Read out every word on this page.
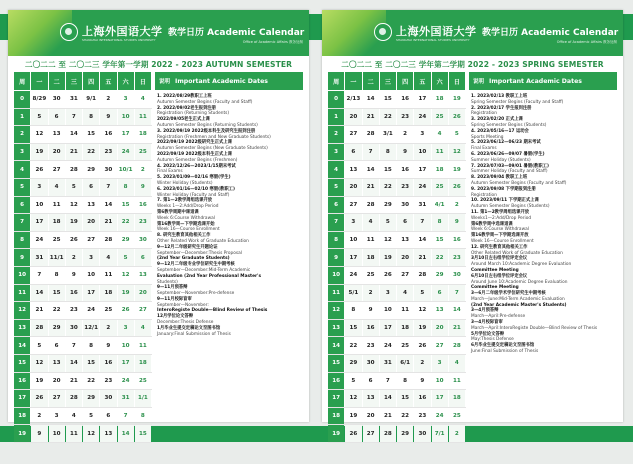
上海外国语大学
SHANGHAI INTERNATIONAL STUDIES UNIVERSITY
教学日历 Academic Calendar
Office of Academic Affairs 教务处制
二〇二二 至 二〇二三 学年第一学期 2022 - 2023 AUTUMN SEMESTER
周	一	二	三	四	五	六	日
0	8/29	30	31	9/1	2	3	4
1	5	6	7	8	9	10	11
2	12	13	14	15	16	17	18
3	19	20	21	22	23	24	25
4	26	27	28	29	30	10/1	2
5	3	4	5	6	7	8	9
6	10	11	12	13	14	15	16
7	17	18	19	20	21	22	23
8	24	25	26	27	28	29	30
9	31	11/1	2	3	4	5	6
10	7	8	9	10	11	12	13
11	14	15	16	17	18	19	20
12	21	22	23	24	25	26	27
13	28	29	30	12/1	2	3	4
14	5	6	7	8	9	10	11
15	12	13	14	15	16	17	18
16	19	20	21	22	23	24	25
17	26	27	28	29	30	31	1/1
18	2	3	4	5	6	7	8
19	9	10	11	12	13	14	15
说明 Important Academic Dates
1. 2022/08/29教职工上班
Autumn Semester Begins (Faculty and Staff)
2. 2022/09/02老生报到注册
Registration (Returning Students)
2022/09/05老生正式上课
Autumn Semester Begins (Returning Students)
3. 2022/09/19 2022级本科生及研究生报到注册
Registration (Freshmen and New Graduate Students)
2022/09/19 2022级研究生正式上课
Autumn Semester Begins (New Graduate Students)
2022/09/19 2022级本科生正式上课
Autumn Semester Begins (Freshmen)
4. 2022/12/26—2023/1/15期末考试
Final Exams
5. 2023/01/09—02/16 寒假(学生)
Winter Holiday (Students)
6. 2023/01/16—02/10 寒假(教职工)
Winter Holiday (Faculty and Staff)
7. 第1—2教学周组选课开放
Weeks 1—2:Add/Drop Period
第6教学周期中课退课
Week 6:Course Withdrawal
第16教学周—下学期选课开始
Week 16—Course Enrollment
8. 研究生教育其他相关工作
Other Related Work of Graduate Education
9—12月二年级研究生开题论证
September—December:Thesis Proposal
(2nd Year Graduate Students)
9—12月二年级专业学位研究生中期考核
September—December:Mid-Term Academic
Evaluation (2nd Year Professional Master's
Students)
9—11月预答辩
September—November:Pre-defense
9—11月校际盲审
September—November:
InteroRegiste Double—Blind Review of Thesis
12月学位论文答辩
December:Thesis Defense
1月毕业生提交定稿论文至图书馆
January:Final Submission of Thesis
上海外国语大学
SHANGHAI INTERNATIONAL STUDIES UNIVERSITY
教学日历 Academic Calendar
Office of Academic Affairs 教务处制
二〇二二 至 二〇二三 学年第二学期 2022 - 2023 SPRING SEMESTER
周	一	二	三	四	五	六	日
0	2/13	14	15	16	17	18	19
1	20	21	22	23	24	25	26
2	27	28	3/1	2	3	4	5
3	6	7	8	9	10	11	12
4	13	14	15	16	17	18	19
5	20	21	22	23	24	25	26
6	27	28	29	30	31	4/1	2
7	3	4	5	6	7	8	9
8	10	11	12	13	14	15	16
9	17	18	19	20	21	22	23
10	24	25	26	27	28	29	30
11	5/1	2	3	4	5	6	7
12	8	9	10	11	12	13	14
13	15	16	17	18	19	20	21
14	22	23	24	25	26	27	28
15	29	30	31	6/1	2	3	4
16	5	6	7	8	9	10	11
17	12	13	14	15	16	17	18
18	19	20	21	22	23	24	25
19	26	27	28	29	30	7/1	2
说明 Important Academic Dates
1. 2023/02/13 教职工上班
Spring Semester Begins (Faculty and Staff)
2. 2023/02/17 学生报到注册
Registration
3. 2023/02/20 正式上课
Spring Semester Begins (Students)
4. 2023/05/16—17 运动会
Sports Meeting
5. 2023/06/12—06/23 期末考试
Final Exams
6. 2023/06/26—09/07 暑假(学生)
Summer Holiday (Students)
7. 2023/07/03—09/01 暑假(教职工)
Summer Holiday (Faculty and Staff)
8. 2023/09/04 教职工上班
Autumn Semester Begins (Faculty and Staff)
9. 2023/09/08 下学期报到注册
Registration
10. 2023/09/11 下学期正式上课
Autumn Semester Begins (Students)
11. 第1—2教学周组选课开放
Weeks1—2:Add/Drop Period
第6教学周中选课退课
Week 6:Course Withdrawal
第16教学周—下学期选课开放
Week 16—Course Enrollment
12. 研究生教育其他相关工作
Other Related Work of Graduate Education
3月10日左右组学位评定会议
Around March 10:Academic Degree Evaluation
Committee Meeting
6月10日左右组学位评定会议
Around June 10:Academic Degree Evaluation
Committee Meeting
3—6月二年级学术学位研究生中期考核
March—June:Mid-Term Academic Evaluation
(2nd Year Academic Master's Students)
3—4月预答辩
March—April:Pre-defense
3—4月校际盲审
March—April:InteroRegiste Double—Blind Review of Thesis
5月学位论文答辩
May:Thesis Defense
6月毕业生提交定稿论文至图书馆
June:Final Submission of Thesis
